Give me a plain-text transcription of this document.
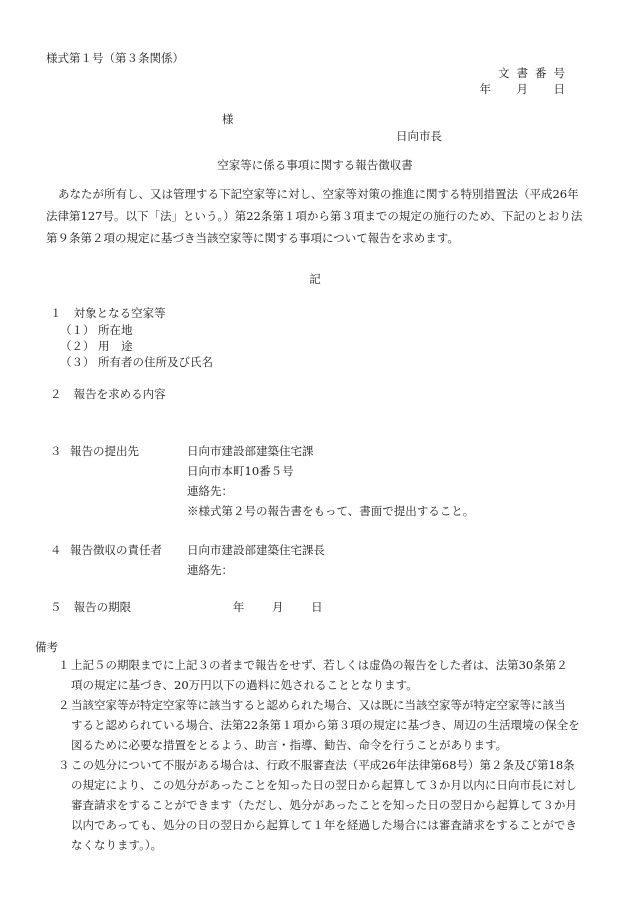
様式第１号（第３条関係）
文書番号
年　月　日
様
日向市長
空家等に係る事項に関する報告徴収書
あなたが所有し、又は管理する下記空家等に対し、空家等対策の推進に関する特別措置法（平成26年
法律第127号。以下「法」という。）第22条第１項から第３項までの規定の施行のため、下記のとおり法
第９条第２項の規定に基づき当該空家等に関する事項について報告を求めます。
記
１ 対象となる空家等
（１） 所在地
（２） 用　途
（３） 所有者の住所及び氏名
２ 報告を求める内容
３ 報告の提出先	日向市建設部建築住宅課
日向市本町10番５号
連絡先：
※様式第２号の報告書をもって、書面で提出すること。
４ 報告徴収の責任者 日向市建設部建築住宅課長
連絡先：
５ 報告の期限	年 月 日
備考
１ 上記５の期限までに上記３の者まで報告をせず、若しくは虚偽の報告をした者は、法第30条第２
項の規定に基づき、20万円以下の過料に処されることとなります。
２ 当該空家等が特定空家等に該当すると認められた場合、又は既に当該空家等が特定空家等に該当
すると認められている場合、法第22条第１項から第３項の規定に基づき、周辺の生活環境の保全を
図るために必要な措置をとるよう、助言・指導、勧告、命令を行うことがあります。
３ この処分について不服がある場合は、行政不服審査法（平成26年法律第68号）第２条及び第18条
の規定により、この処分があったことを知った日の翌日から起算して３か月以内に日向市長に対し
審査請求をすることができます（ただし、処分があったことを知った日の翌日から起算して３か月
以内であっても、処分の日の翌日から起算して１年を経過した場合には審査請求をすることができ
なくなります。）。
